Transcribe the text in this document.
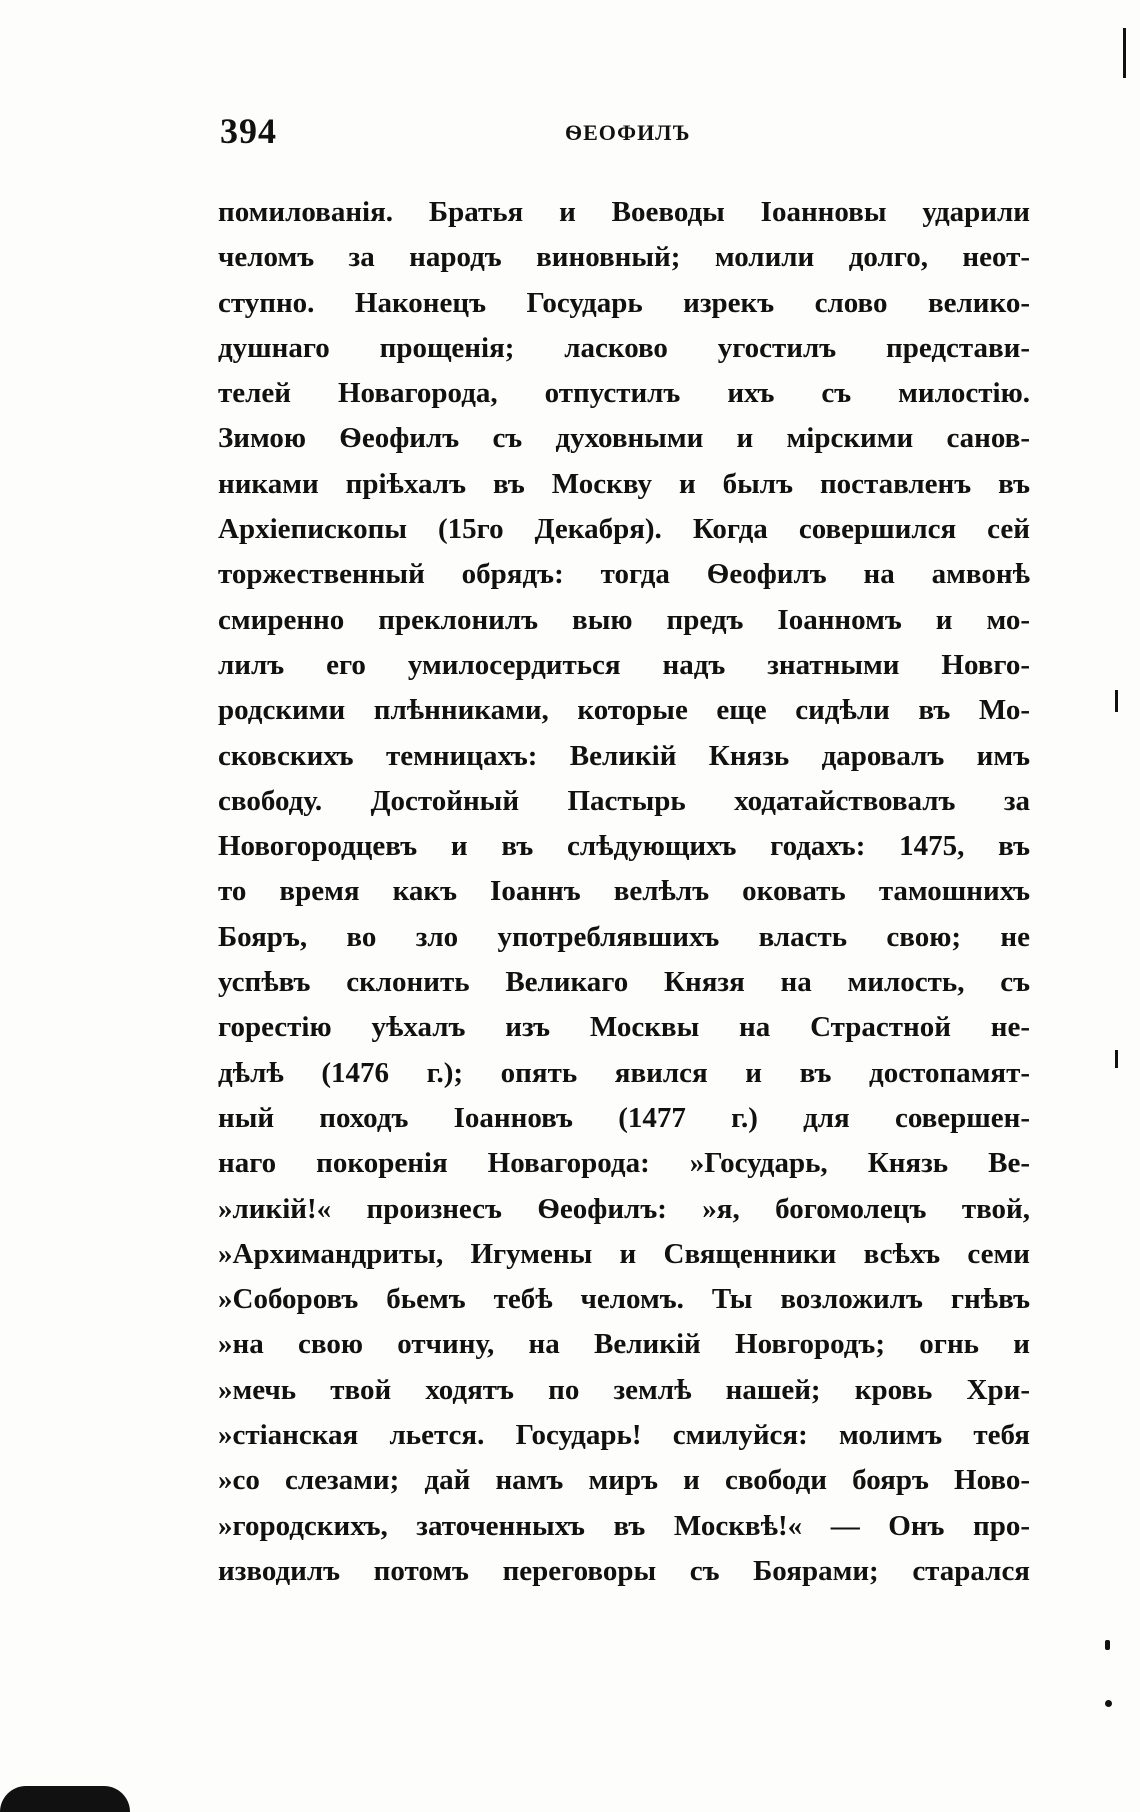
394	ѲЕОФИЛЪ
помилованія. Братья и Воеводы Іоанновы ударили
челомъ за народъ виновный; молили долго, неот-
ступно. Наконецъ Государь изрекъ слово велико-
душнаго прощенія; ласково угостилъ представи-
телей Новагорода, отпустилъ ихъ съ милостію.
Зимою Ѳеофилъ съ духовными и мірскими санов-
никами пріѣхалъ въ Москву и былъ поставленъ въ
Архіепископы (15го Декабря). Когда совершился сей
торжественный обрядъ: тогда Ѳеофилъ на амвонѣ
смиренно преклонилъ выю предъ Іоанномъ и мо-
лилъ его умилосердиться надъ знатными Новго-
родскими плѣнниками, которые еще сидѣли въ Мо-
сковскихъ темницахъ: Великій Князь даровалъ имъ
свободу. Достойный Пастырь ходатайствовалъ за
Новогородцевъ и въ слѣдующихъ годахъ: 1475, въ
то время какъ Іоаннъ велѣлъ оковать тамошнихъ
Бояръ, во зло употреблявшихъ власть свою; не
успѣвъ склонить Великаго Князя на милость, съ
горестію уѣхалъ изъ Москвы на Страстной не-
дѣлѣ (1476 г.); опять явился и въ достопамят-
ный походъ Іоанновъ (1477 г.) для совершен-
наго покоренія Новагорода: »Государь, Князь Ве-
»ликій!« произнесъ Ѳеофилъ: »я, богомолецъ твой,
»Архимандриты, Игумены и Священники всѣхъ семи
»Соборовъ бьемъ тебѣ челомъ. Ты возложилъ гнѣвъ
»на свою отчину, на Великій Новгородъ; огнь и
»мечь твой ходятъ по землѣ нашей; кровь Хри-
»стіанская льется. Государь! смилуйся: молимъ тебя
»со слезами; дай намъ миръ и свободи бояръ Ново-
»городскихъ, заточенныхъ въ Москвѣ!« — Онъ про-
изводилъ потомъ переговоры съ Боярами; старался
